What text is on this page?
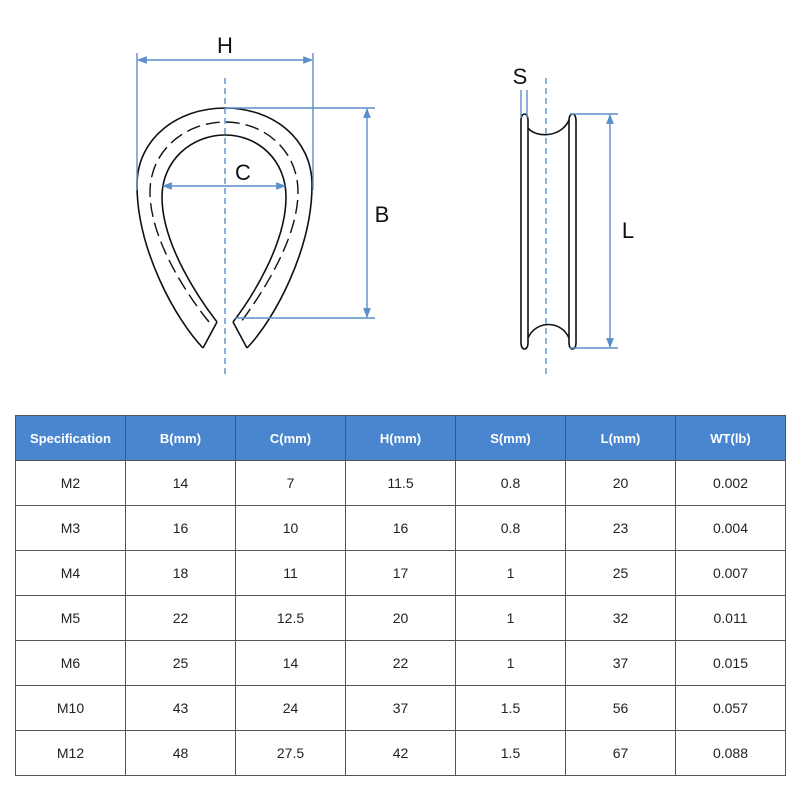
H
C
B
S
L
Specification	B(mm)	C(mm)	H(mm)	S(mm)	L(mm)	WT(lb)
M2	14	7	11.5	0.8	20	0.002
M3	16	10	16	0.8	23	0.004
M4	18	11	17	1	25	0.007
M5	22	12.5	20	1	32	0.011
M6	25	14	22	1	37	0.015
M10	43	24	37	1.5	56	0.057
M12	48	27.5	42	1.5	67	0.088
